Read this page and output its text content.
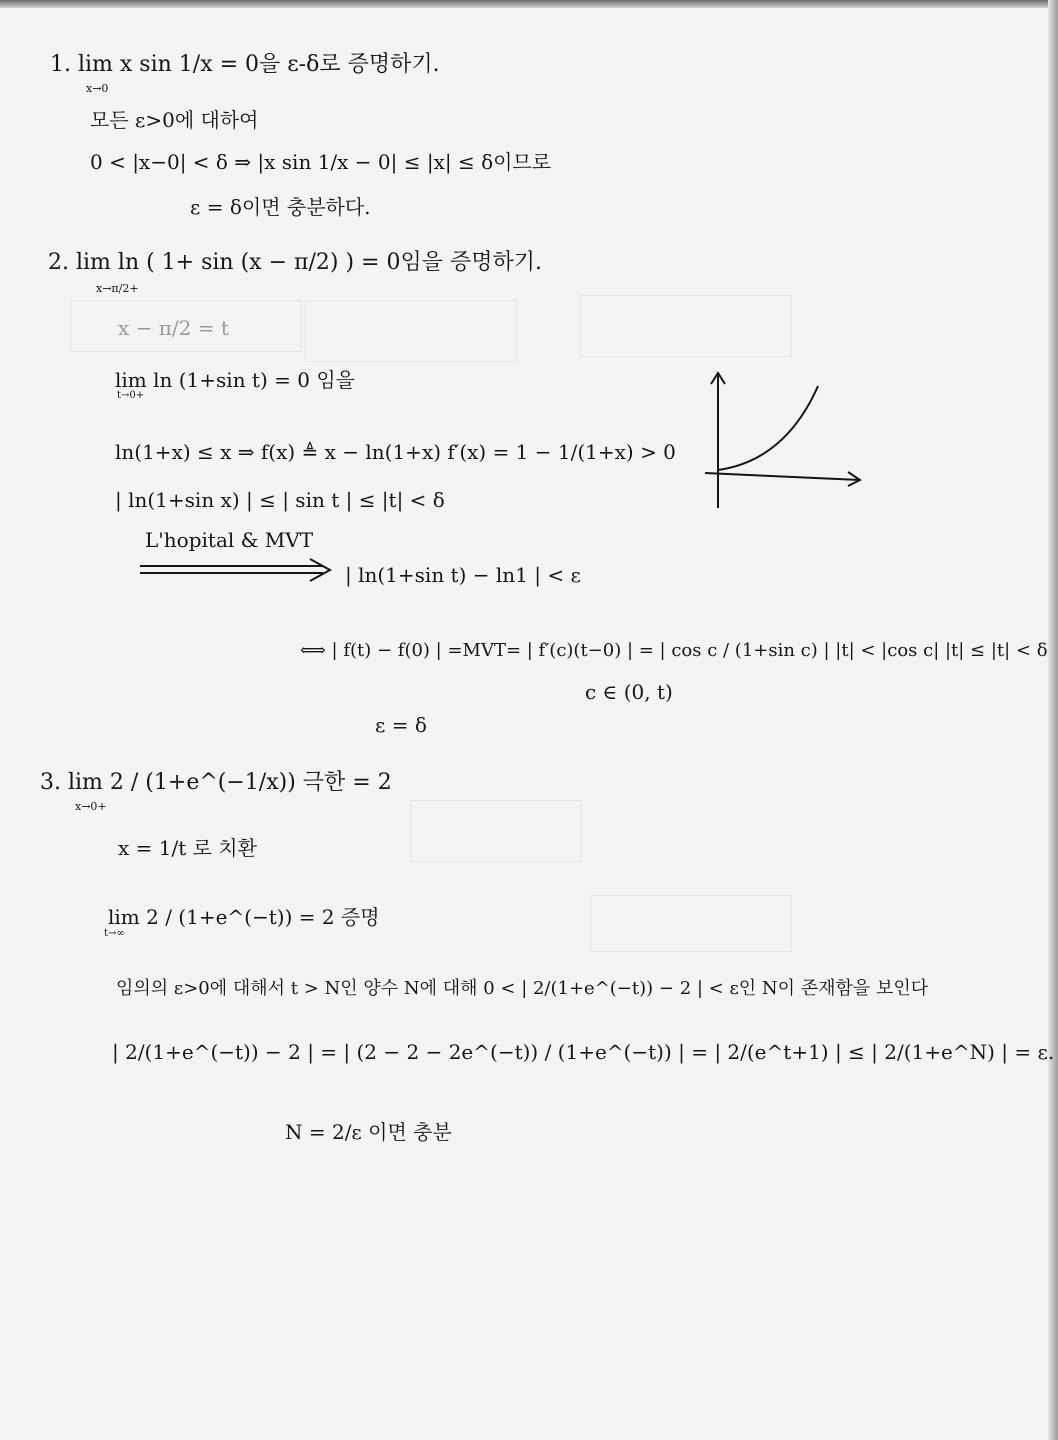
1. lim x sin 1/x = 0을 ε-δ로 증명하기.
x→0
모든 ε>0에 대하여
0 < |x−0| < δ ⇒ |x sin 1/x − 0| ≤ |x| ≤ δ이므로
ε = δ이면 충분하다.
2. lim ln ( 1+ sin (x − π/2) ) = 0임을 증명하기.
x→π/2+
x − π/2 = t
lim ln (1+sin t) = 0 임을
t→0+
ln(1+x) ≤ x ⇒ f(x) ≜ x − ln(1+x) f′(x) = 1 − 1/(1+x) > 0
| ln(1+sin x) | ≤ | sin t | ≤ |t| < δ
L'hopital & MVT
| ln(1+sin t) − ln1 | < ε
⟺ | f(t) − f(0) | =MVT= | f′(c)(t−0) | = | cos c / (1+sin c) | |t| < |cos c| |t| ≤ |t| < δ
c ∈ (0, t)
ε = δ
3. lim 2 / (1+e^(−1/x)) 극한 = 2
x→0+
x = 1/t 로 치환
lim 2 / (1+e^(−t)) = 2 증명
t→∞
임의의 ε>0에 대해서 t > N인 양수 N에 대해 0 < | 2/(1+e^(−t)) − 2 | < ε인 N이 존재함을 보인다
| 2/(1+e^(−t)) − 2 | = | (2 − 2 − 2e^(−t)) / (1+e^(−t)) | = | 2/(e^t+1) | ≤ | 2/(1+e^N) | = ε.
N = 2/ε 이면 충분
